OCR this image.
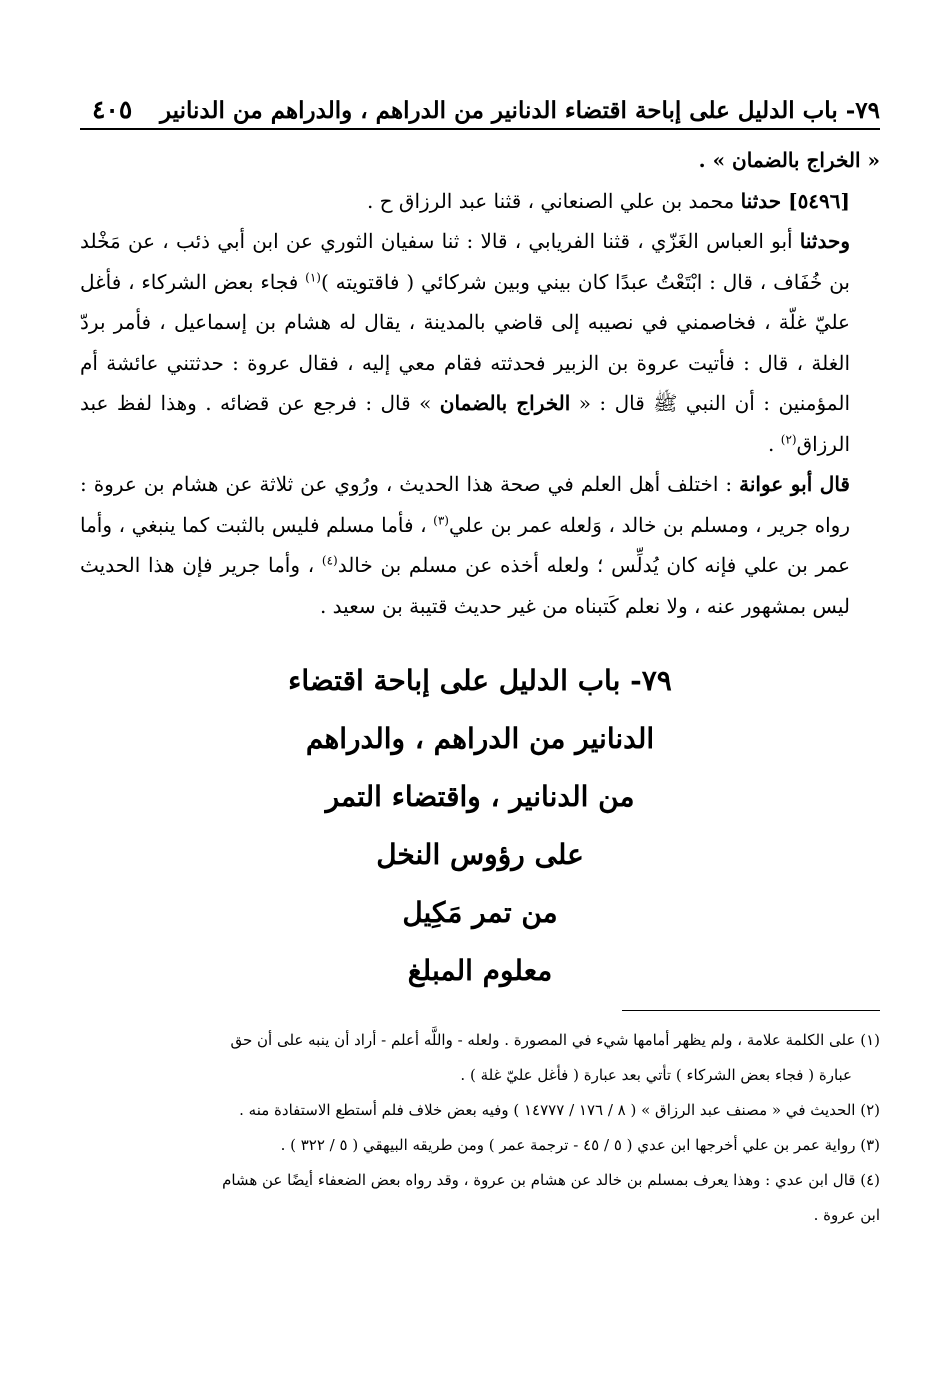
٧٩- باب الدليل على إباحة اقتضاء الدنانير من الدراهم ، والدراهم من الدنانير
٤٠٥

« الخراج بالضمان » .

[٥٤٩٦] حدثنا محمد بن علي الصنعاني ، قثنا عبد الرزاق ح .

وحدثنا أبو العباس الغَزّي ، قثنا الفريابي ، قالا : ثنا سفيان الثوري عن ابن أبي ذئب ، عن مَخْلد بن خُفَاف ، قال : ابْتَعْتُ عبدًا كان بيني وبين شركائي ( فاقتويته )$^{(١)}$ فجاء بعض الشركاء ، فأغل عليّ غلّة ، فخاصمني في نصيبه إلى قاضي بالمدينة ، يقال له هشام بن إسماعيل ، فأمر بردّ الغلة ، قال : فأتيت عروة بن الزبير فحدثته فقام معي إليه ، فقال عروة : حدثتني عائشة أم المؤمنين : أن النبي ﷺ قال : « الخراج بالضمان » قال : فرجع عن قضائه . وهذا لفظ عبد الرزاق$^{(٢)}$ .

قال أبو عوانة : اختلف أهل العلم في صحة هذا الحديث ، ورُوي عن ثلاثة عن هشام بن عروة : رواه جرير ، ومسلم بن خالد ، وَلعله عمر بن علي$^{(٣)}$ ، فأما مسلم فليس بالثبت كما ينبغي ، وأما عمر بن علي فإنه كان يُدلِّس ؛ ولعله أخذه عن مسلم بن خالد$^{(٤)}$ ، وأما جرير فإن هذا الحديث ليس بمشهور عنه ، ولا نعلم كَتبناه من غير حديث قتيبة بن سعيد .

٧٩- باب الدليل على إباحة اقتضاء
الدنانير من الدراهم ، والدراهم
من الدنانير ، واقتضاء التمر
على رؤوس النخل
من تمر مَكِيل
معلوم المبلغ

(١) على الكلمة علامة ، ولم يظهر أمامها شيء في المصورة . ولعله - واللَّه أعلم - أراد أن ينبه على أن حق

عبارة ( فجاء بعض الشركاء ) تأتي بعد عبارة ( فأغل عليّ غلة ) .

(٢) الحديث في « مصنف عبد الرزاق » ( ٨ / ١٧٦ / ١٤٧٧٧ ) وفيه بعض خلاف فلم أستطع الاستفادة منه .

(٣) رواية عمر بن علي أخرجها ابن عدي ( ٥ / ٤٥ - ترجمة عمر ) ومن طريقه البيهقي ( ٥ / ٣٢٢ ) .

(٤) قال ابن عدي : وهذا يعرف بمسلم بن خالد عن هشام بن عروة ، وقد رواه بعض الضعفاء أيضًا عن هشام

ابن عروة .
